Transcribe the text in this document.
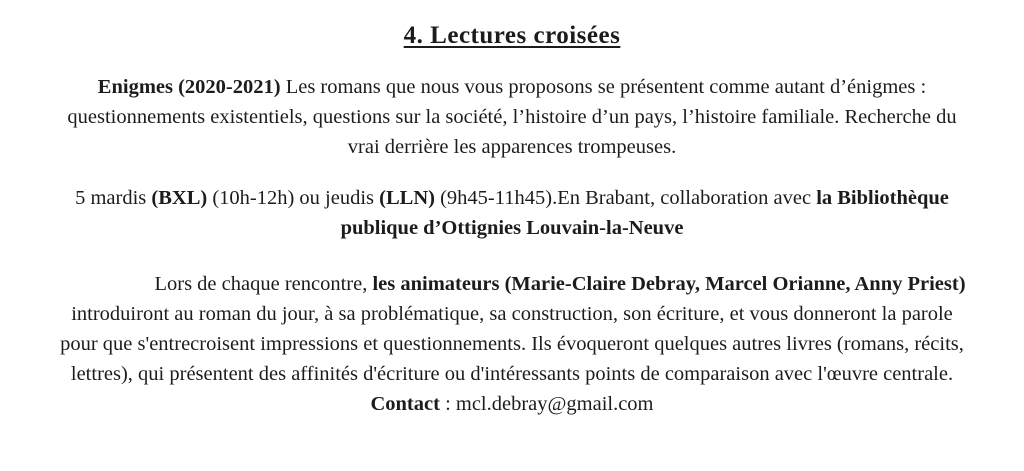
4. Lectures croisées

Enigmes (2020-2021) Les romans que nous vous proposons se présentent comme autant d’énigmes : questionnements existentiels, questions sur la société, l’histoire d’un pays, l’histoire familiale. Recherche du vrai derrière les apparences trompeuses.

5 mardis (BXL) (10h-12h) ou jeudis (LLN) (9h45-11h45).En Brabant, collaboration avec la Bibliothèque publique d’Ottignies Louvain-la-Neuve

Lors de chaque rencontre, les animateurs (Marie-Claire Debray, Marcel Orianne, Anny Priest) introduiront au roman du jour, à sa problématique, sa construction, son écriture, et vous donneront la parole pour que s'entrecroisent impressions et questionnements. Ils évoqueront quelques autres livres (romans, récits, lettres), qui présentent des affinités d'écriture ou d'intéressants points de comparaison avec l'œuvre centrale. Contact : mcl.debray@gmail.com
